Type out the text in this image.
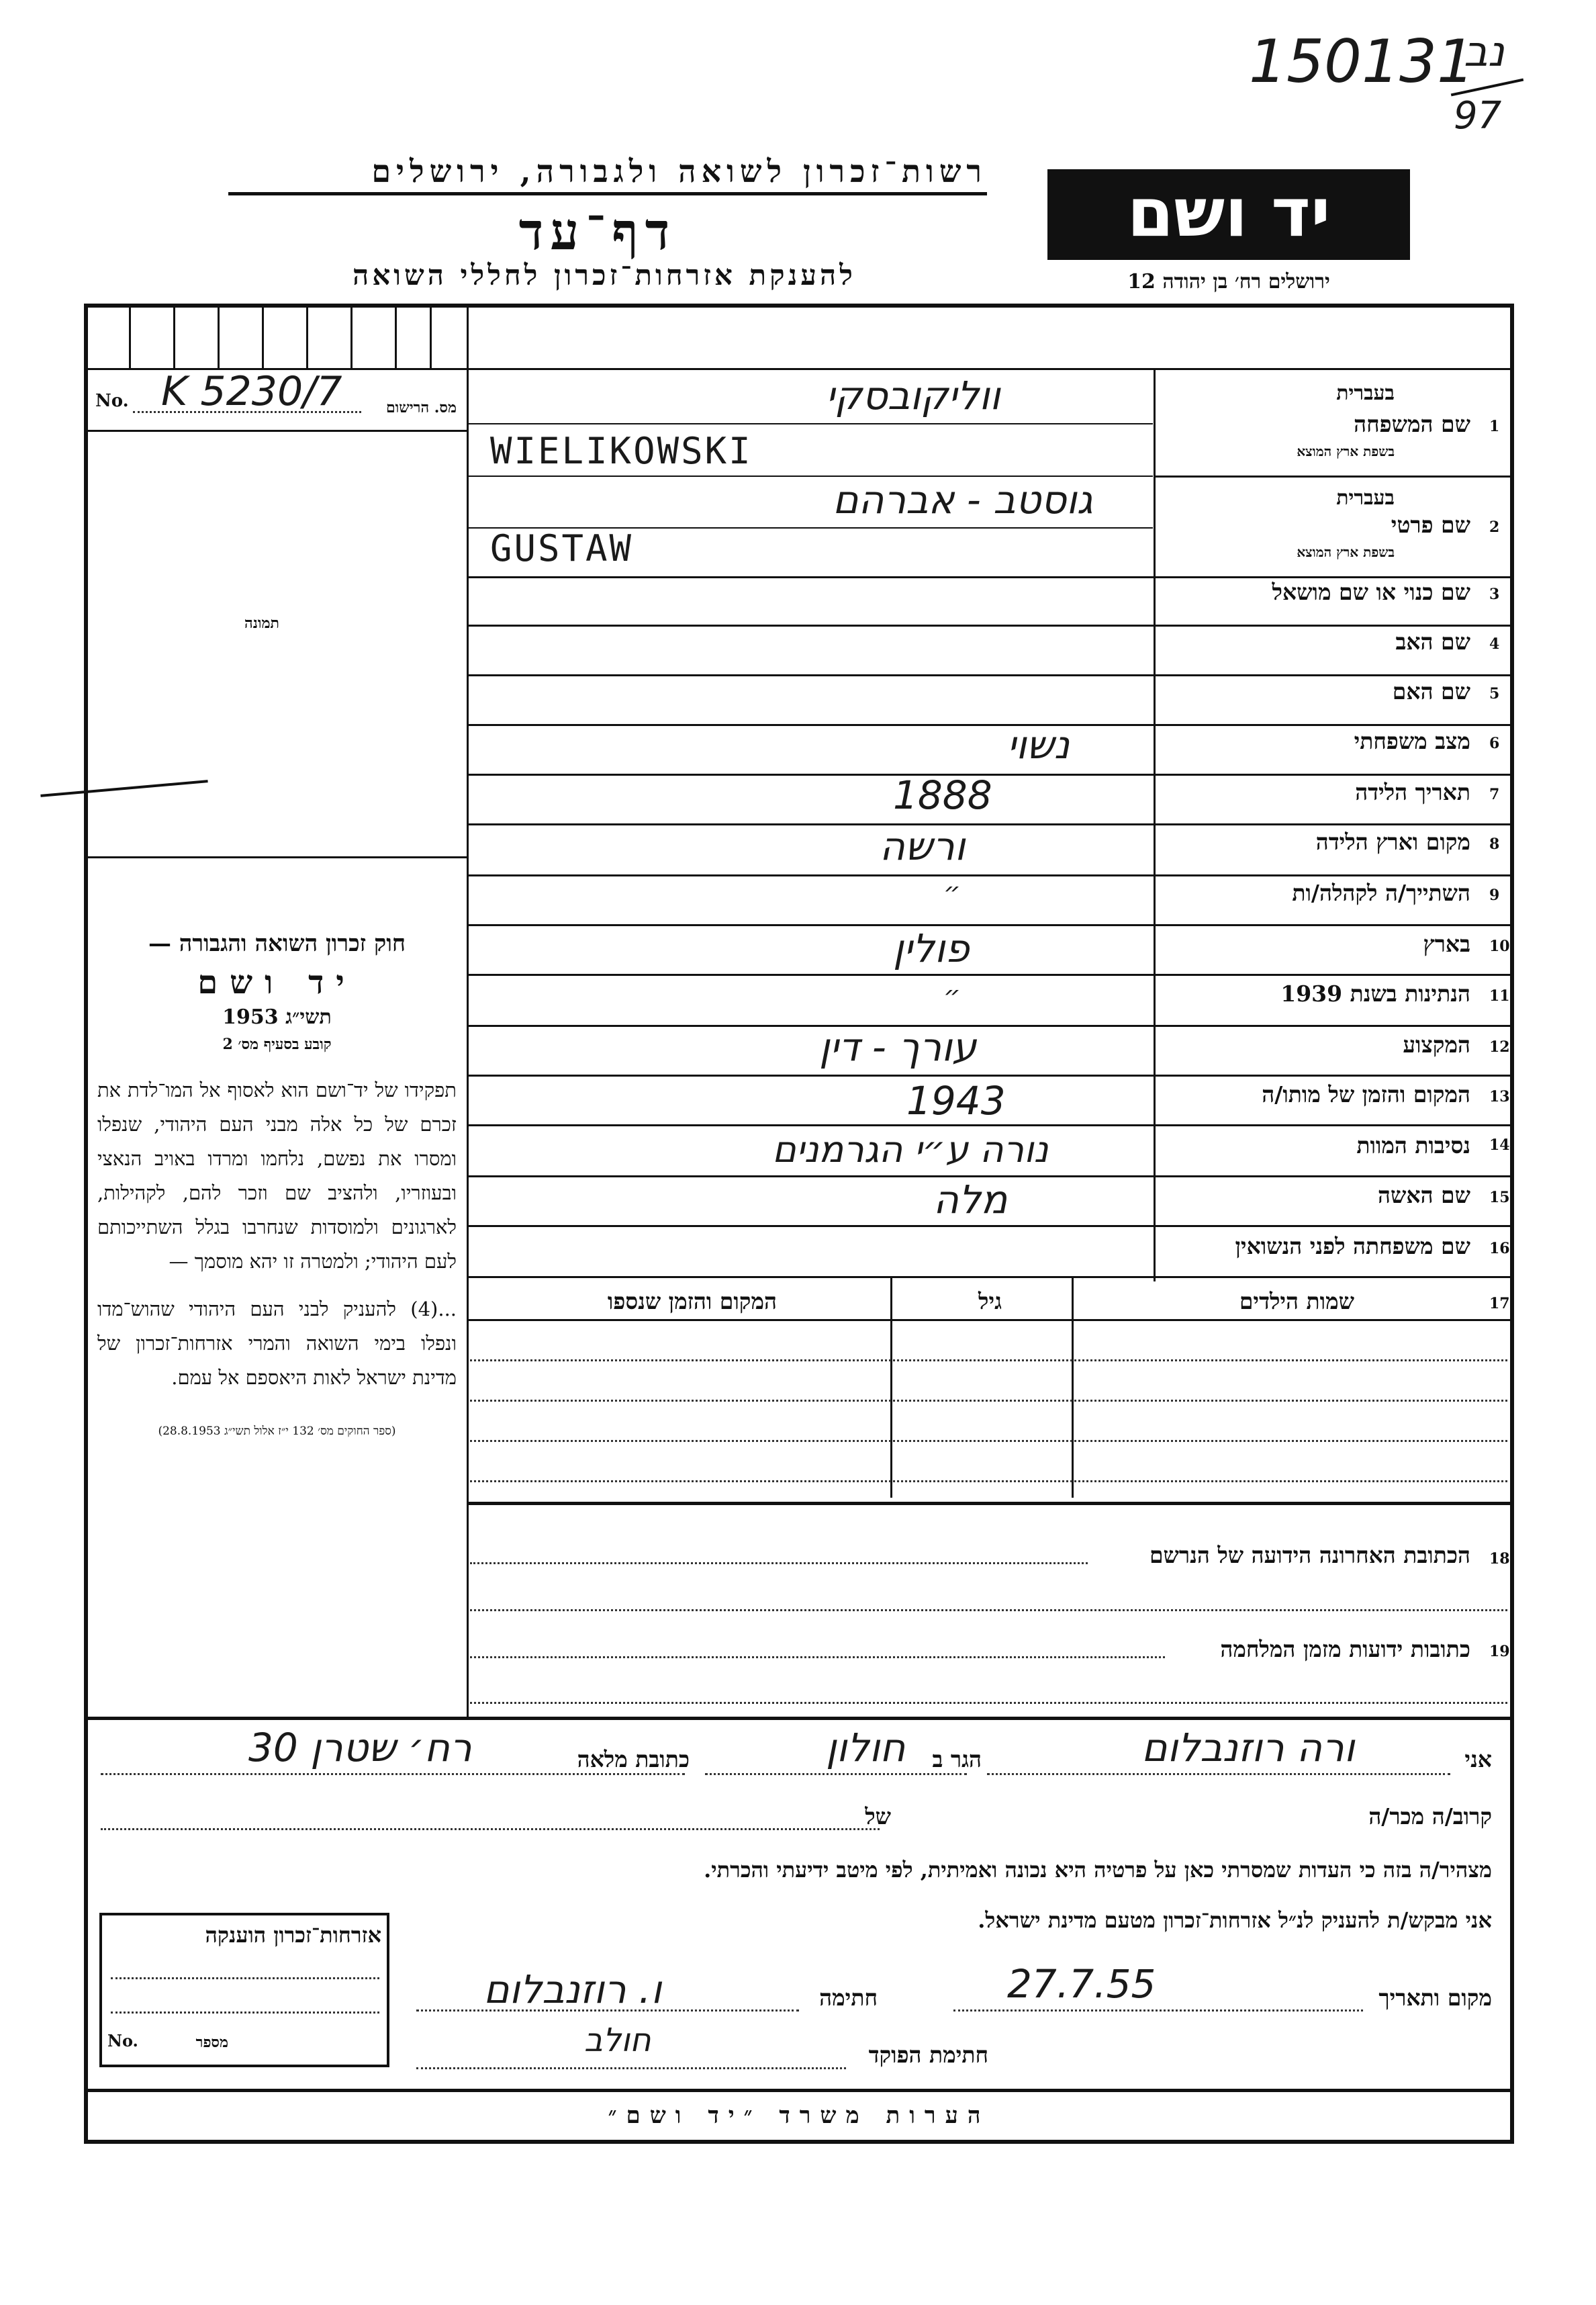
150131
נב
97
רשות־זכרון לשואה ולגבורה, ירושלים
דף־עד
להענקת אזרחות־זכרון לחללי השואה
יד ושם
ירושלים רח׳ בן יהודה 12
No. K 5230/7	מס. הרישום
תמונה
חוק זכרון השואה והגבורה —
יד ושם
תשי״ג 1953
קובע בסעיף מס׳ 2
תפקידו של יד־ושם הוא לאסוף אל המו־לדת את זכרם של כל אלה מבני העם היהודי, שנפלו ומסרו את נפשם, נלחמו ומרדו באויב הנאצי ובעוזריו, ולהציב שם וזכר להם, לקהילות, לארגונים ולמוסדות שנחרבו בגלל השתייכותם לעם היהודי; ולמטרה זו יהא מוסמך —
...(4) להעניק לבני העם היהודי שהוש־מדו ונפלו בימי השואה והמרי אזרחות־זכרון של מדינת ישראל לאות היאספם אל עמם.
(ספר החוקים מס׳ 132 י״ז אלול תשי״ג 28.8.1953)
1
שם המשפחה
בעברית
בשפת ארץ המוצא
ווליקובסקי
WIELIKOWSKI
2
שם פרטי
בעברית
בשפת ארץ המוצא
גוסטב - אברהם
GUSTAW
3
שם כנוי או שם מושאל
4
שם האב
5
שם האם
6
מצב משפחתי
נשוי
7
תאריך הלידה
1888
8
מקום וארץ הלידה
ורשה
9
השתייך/ה לקהלה/ות
״
10
בארץ
פולין
11
הנתינות בשנת 1939
״
12
המקצוע
עורך - דין
13
המקום והזמן של מותו/ה
1943
14
נסיבות המוות
נורה ע״י הגרמנים
15
שם האשה
מלה
16
שם משפחתה לפני הנשואין
17
שמות הילדים
גיל
המקום והזמן שנספו
18
הכתובת האחרונה הידועה של הנרשם
19
כתובות ידועות מזמן המלחמה
אני
ורה רוזנבלום
הגר ב
חולון
כתובת מלאה
רח׳ שטרן 30
קרוב/ה מכר/ה
של
מצהיר/ה בזה כי העדות שמסרתי כאן על פרטיה היא נכונה ואמיתית, לפי מיטב ידיעתי והכרתי.
אני מבקש/ת להעניק לנ״ל אזרחות־זכרון מטעם מדינת ישראל.
מקום ותאריך
27.7.55
חתימה
ו. רוזנבלום
חתימת הפוקד
חולב
אזרחות־זכרון הוענקה
No.	מספר
הערות משרד ״יד ושם״
